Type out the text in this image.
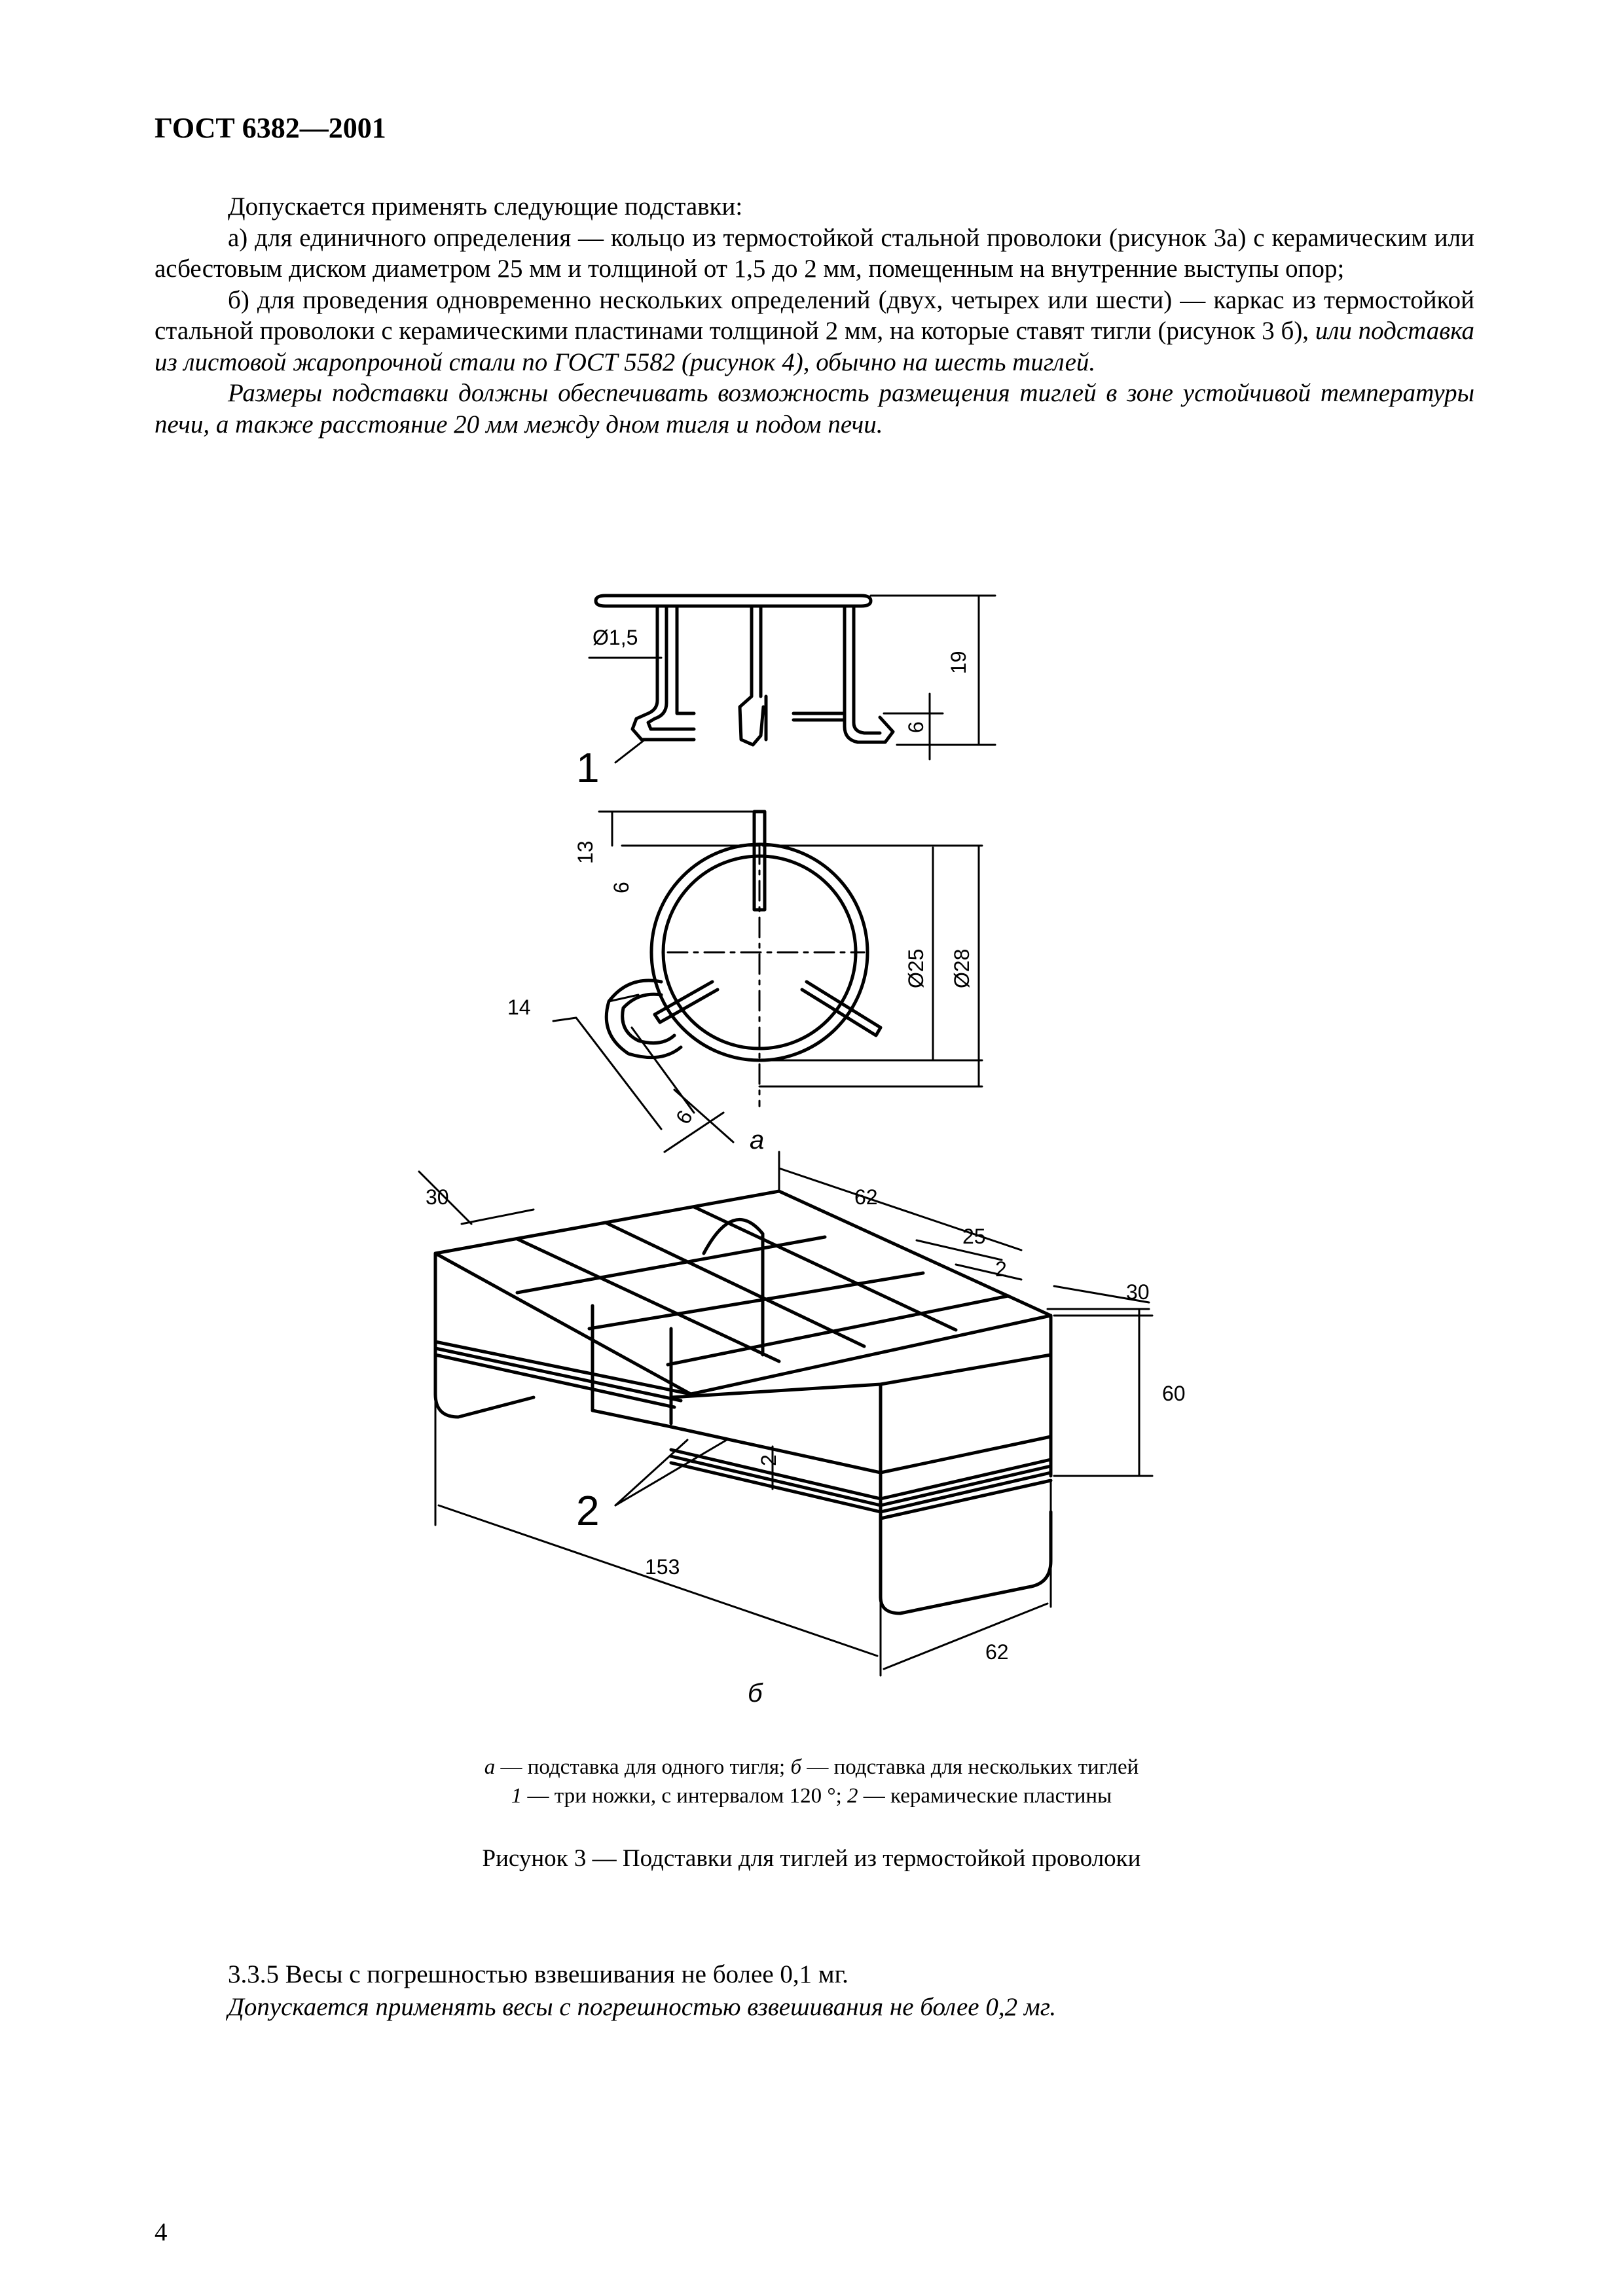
ГОСТ 6382—2001

Допускается применять следующие подставки:

а) для единичного определения — кольцо из термостойкой стальной проволоки (рисунок 3а) с керамическим или асбестовым диском диаметром 25 мм и толщиной от 1,5 до 2 мм, помещенным на внутренние выступы опор;

б) для проведения одновременно нескольких определений (двух, четырех или шести) — каркас из термостойкой стальной проволоки с керамическими пластинами толщиной 2 мм, на которые ставят тигли (рисунок 3 б), или подставка из листовой жаропрочной стали по ГОСТ 5582 (рисунок 4), обычно на шесть тиглей.

Размеры подставки должны обеспечивать возможность размещения тиглей в зоне устойчивой температуры печи, а также расстояние 20 мм между дном тигля и подом печи.

Ø1,5
19
6
1
13
6
Ø25 Ø28
14
6
а
30	62
25
2
30
60
2
2
153
62
б
а — подставка для одного тигля; б — подставка для нескольких тиглей
1 — три ножки, с интервалом 120 °; 2 — керамические пластины
Рисунок 3 — Подставки для тиглей из термостойкой проволоки

3.3.5 Весы с погрешностью взвешивания не более 0,1 мг.

Допускается применять весы с погрешностью взвешивания не более 0,2 мг.

4
